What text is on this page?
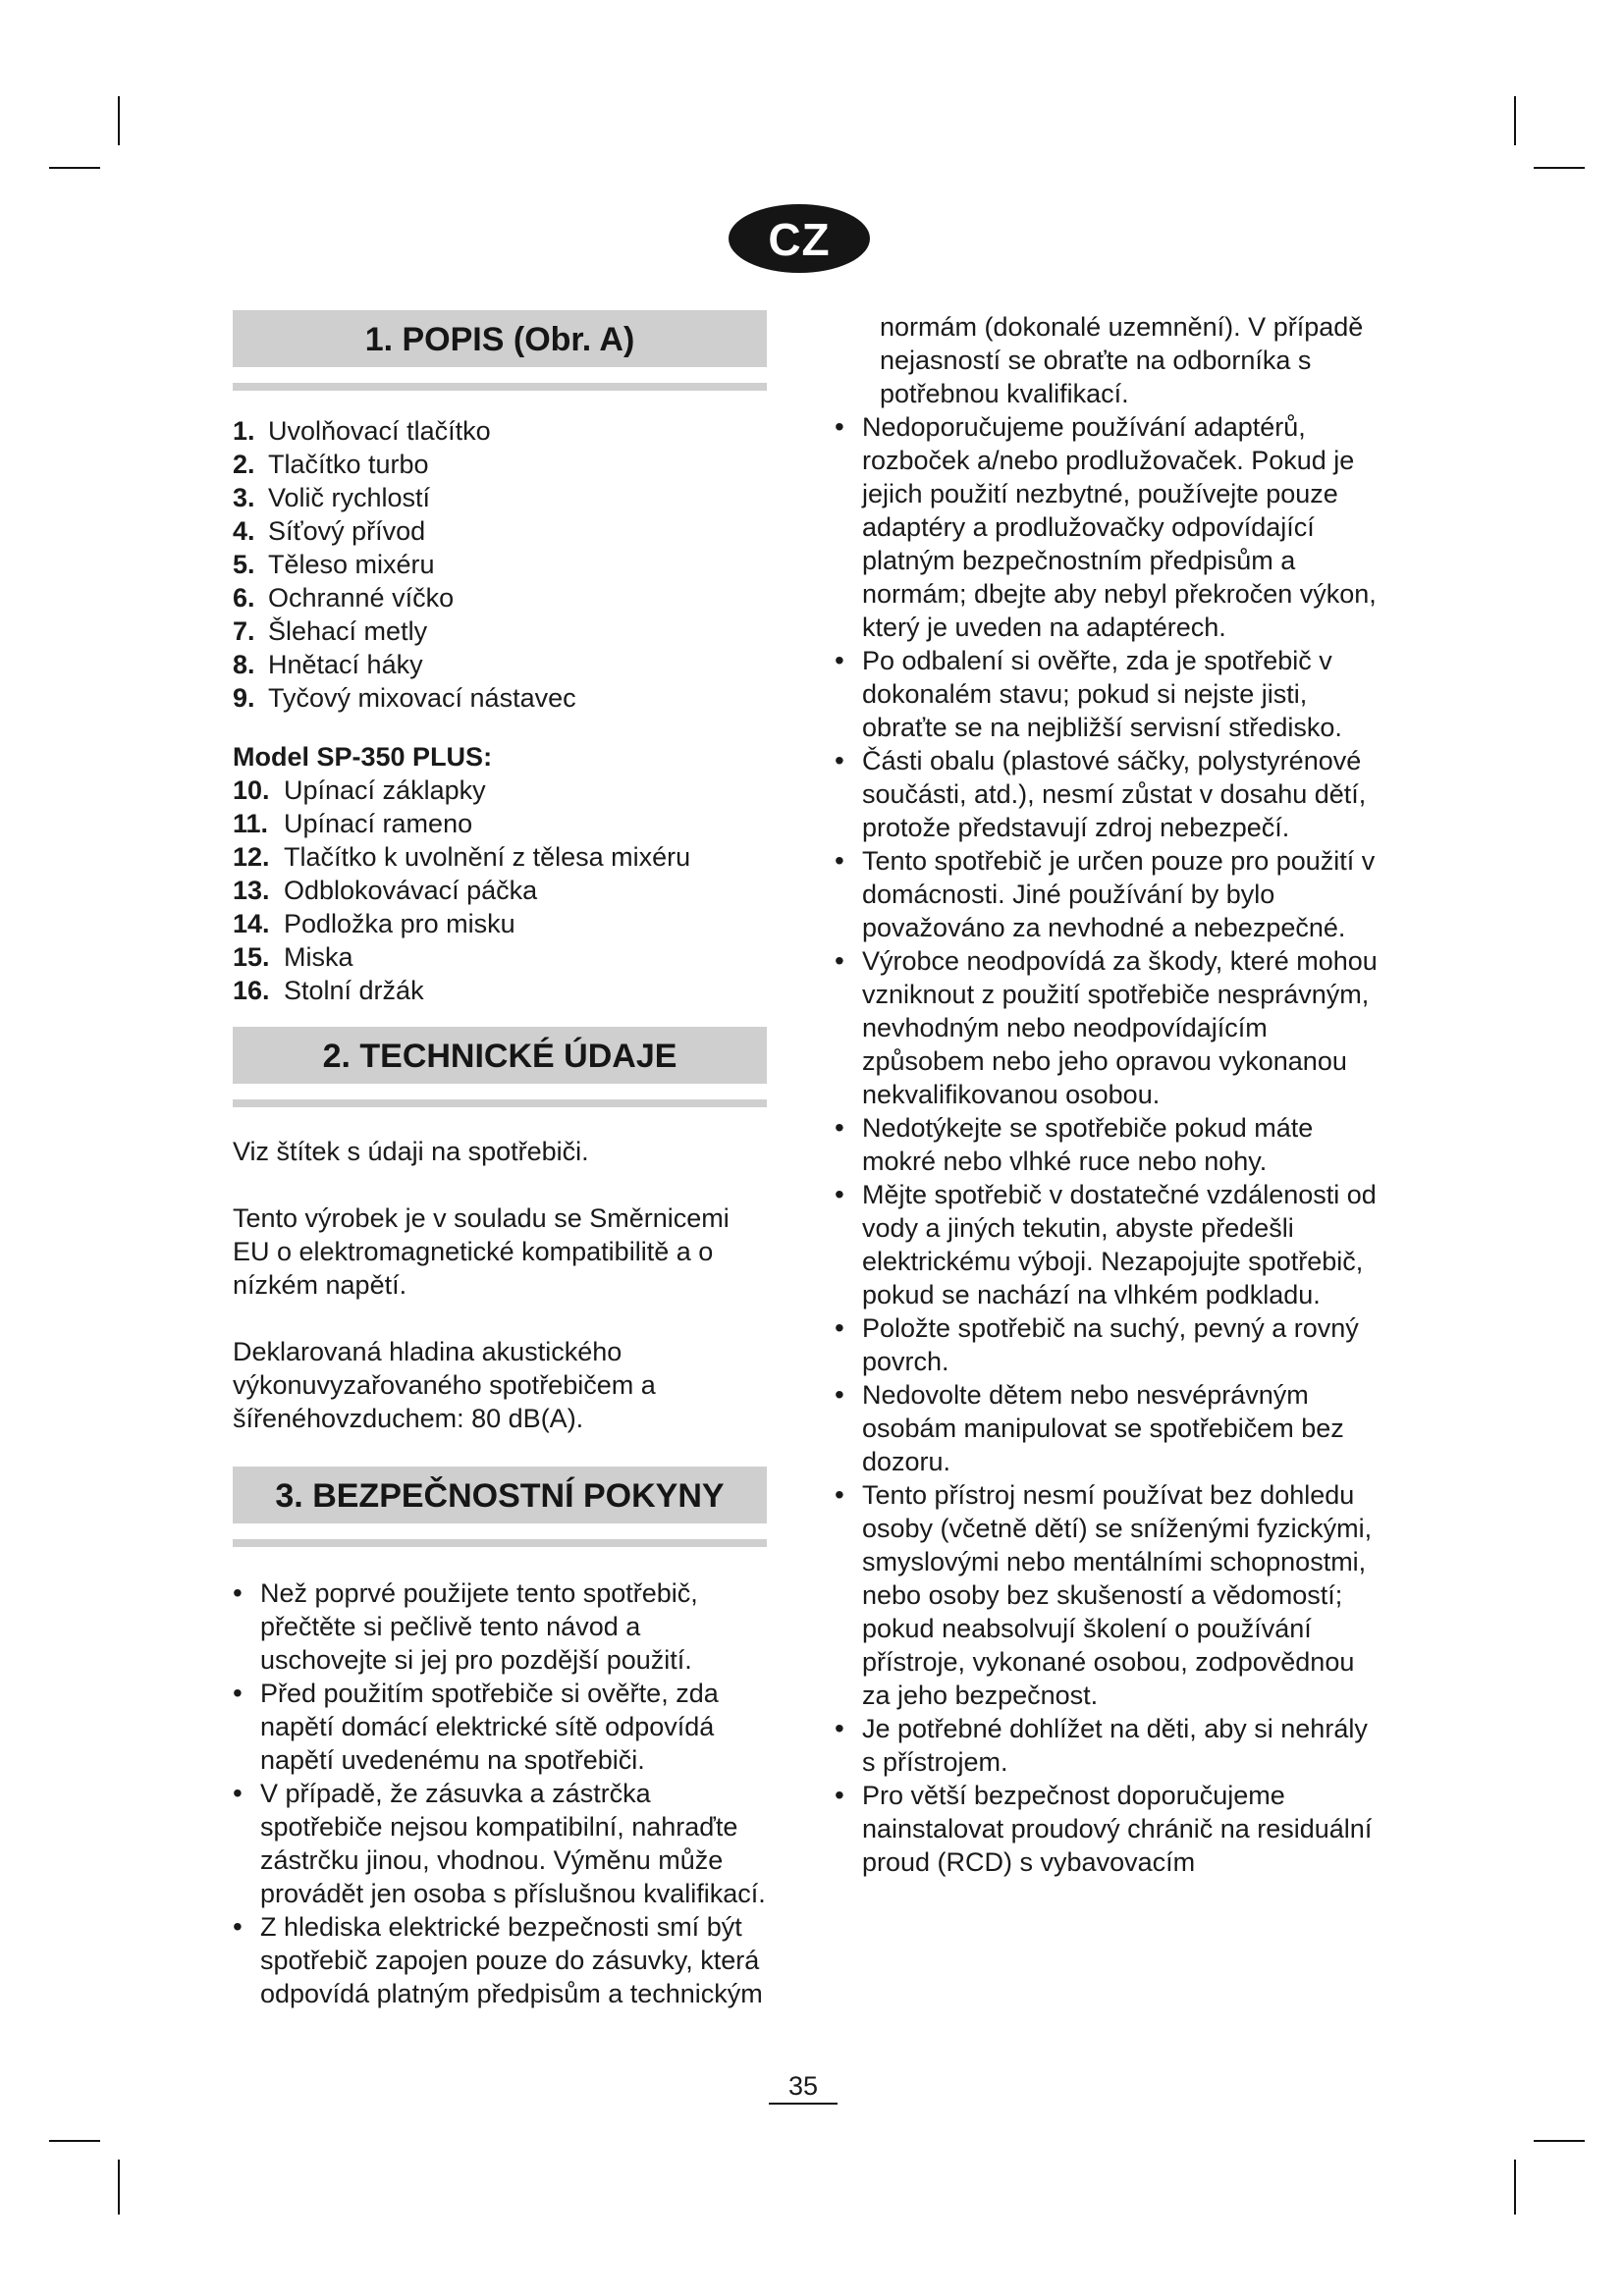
CZ
1. POPIS (Obr. A)
1. Uvolňovací tlačítko
2. Tlačítko turbo
3. Volič rychlostí
4. Síťový přívod
5. Těleso mixéru
6. Ochranné víčko
7. Šlehací metly
8. Hnětací háky
9. Tyčový mixovací nástavec
Model SP-350 PLUS:
10. Upínací záklapky
11. Upínací rameno
12. Tlačítko k uvolnění z tělesa mixéru
13. Odblokovávací páčka
14. Podložka pro misku
15. Miska
16. Stolní držák
2. TECHNICKÉ ÚDAJE

Viz štítek s údaji na spotřebiči.

Tento výrobek je v souladu se Směrnicemi EU o elektromagnetické kompatibilitě a o nízkém napětí.

Deklarovaná hladina akustického výkonuvyzařovaného spotřebičem a šířenéhovzduchem: 80 dB(A).

3. BEZPEČNOSTNÍ POKYNY
• Než poprvé použijete tento spotřebič, přečtěte si pečlivě tento návod a uschovejte si jej pro pozdější použití.
• Před použitím spotřebiče si ověřte, zda napětí domácí elektrické sítě odpovídá napětí uvedenému na spotřebiči.
• V případě, že zásuvka a zástrčka spotřebiče nejsou kompatibilní, nahraďte zástrčku jinou, vhodnou. Výměnu může provádět jen osoba s příslušnou kvalifikací.
• Z hlediska elektrické bezpečnosti smí být spotřebič zapojen pouze do zásuvky, která odpovídá platným předpisům a technickým

normám (dokonalé uzemnění). V případě nejasností se obraťte na odborníka s potřebnou kvalifikací.

• Nedoporučujeme používání adaptérů, rozboček a/nebo prodlužovaček. Pokud je jejich použití nezbytné, používejte pouze adaptéry a prodlužovačky odpovídající platným bezpečnostním předpisům a normám; dbejte aby nebyl překročen výkon, který je uveden na adaptérech.
• Po odbalení si ověřte, zda je spotřebič v dokonalém stavu; pokud si nejste jisti, obraťte se na nejbližší servisní středisko.
• Části obalu (plastové sáčky, polystyrénové součásti, atd.), nesmí zůstat v dosahu dětí, protože představují zdroj nebezpečí.
• Tento spotřebič je určen pouze pro použití v domácnosti. Jiné používání by bylo považováno za nevhodné a nebezpečné.
• Výrobce neodpovídá za škody, které mohou vzniknout z použití spotřebiče nesprávným, nevhodným nebo neodpovídajícím způsobem nebo jeho opravou vykonanou nekvalifikovanou osobou.
• Nedotýkejte se spotřebiče pokud máte mokré nebo vlhké ruce nebo nohy.
• Mějte spotřebič v dostatečné vzdálenosti od vody a jiných tekutin, abyste předešli elektrickému výboji. Nezapojujte spotřebič, pokud se nachází na vlhkém podkladu.
• Položte spotřebič na suchý, pevný a rovný povrch.
• Nedovolte dětem nebo nesvéprávným osobám manipulovat se spotřebičem bez dozoru.
• Tento přístroj nesmí používat bez dohledu osoby (včetně dětí) se sníženými fyzickými, smyslovými nebo mentálními schopnostmi, nebo osoby bez skušeností a vědomostí; pokud neabsolvují školení o používání přístroje, vykonané osobou, zodpovědnou za jeho bezpečnost.
• Je potřebné dohlížet na děti, aby si nehrály s přístrojem.
• Pro větší bezpečnost doporučujeme nainstalovat proudový chránič na residuální proud (RCD) s vybavovacím
35
